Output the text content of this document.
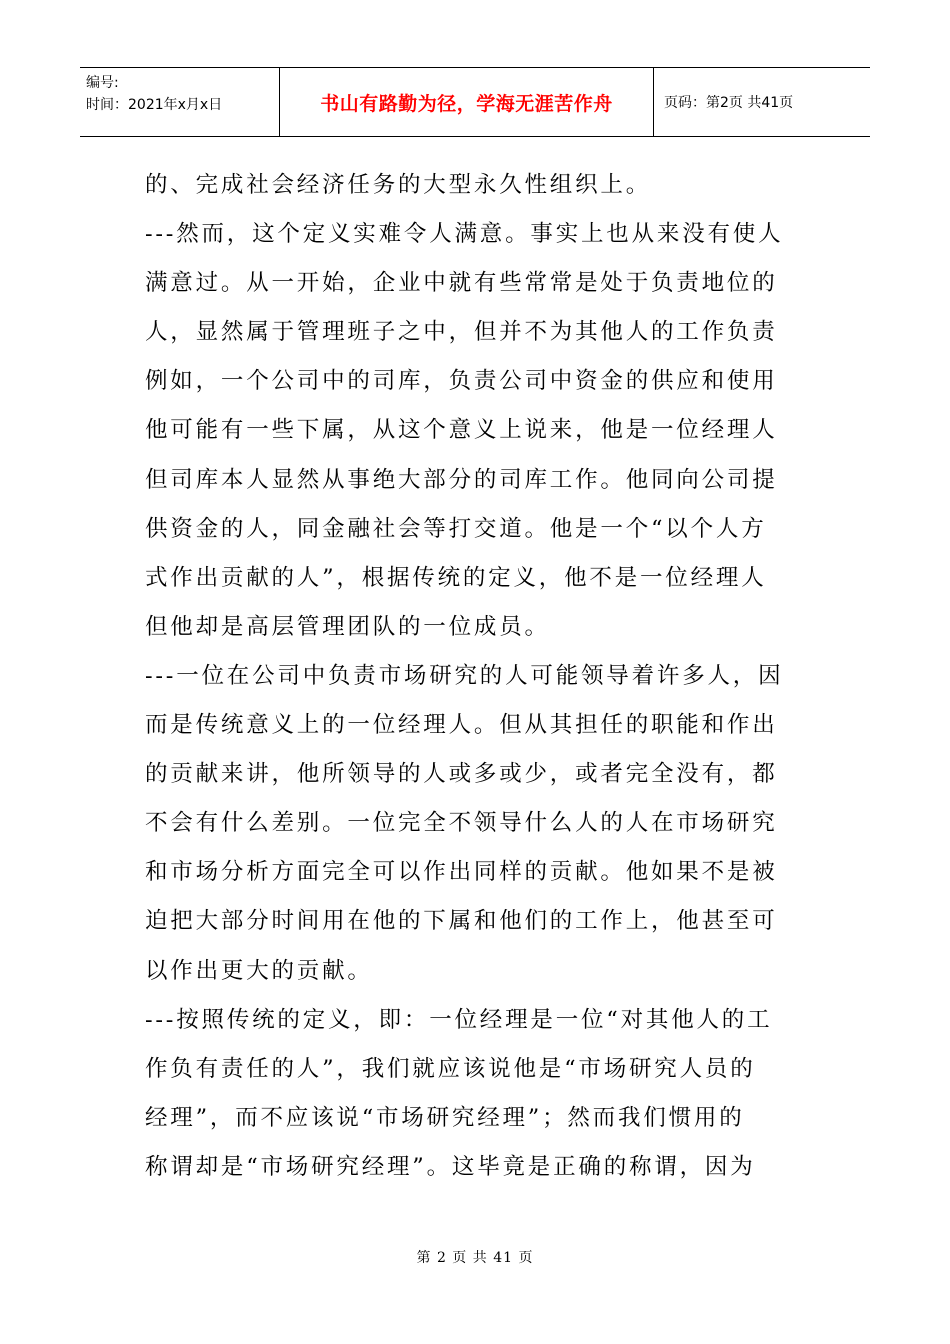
编号:
时间：2021年x月x日	书山有路勤为径，学海无涯苦作舟	页码：第2页 共41页
的、完成社会经济任务的大型永久性组织上。
---然而，这个定义实难令人满意。事实上也从来没有使人
满意过。从一开始，企业中就有些常常是处于负责地位的
人，显然属于管理班子之中，但并不为其他人的工作负责
例如，一个公司中的司库，负责公司中资金的供应和使用
他可能有一些下属，从这个意义上说来，他是一位经理人
但司库本人显然从事绝大部分的司库工作。他同向公司提
供资金的人，同金融社会等打交道。他是一个“以个人方
式作出贡献的人”，根据传统的定义，他不是一位经理人
但他却是高层管理团队的一位成员。
---一位在公司中负责市场研究的人可能领导着许多人，因
而是传统意义上的一位经理人。但从其担任的职能和作出
的贡献来讲，他所领导的人或多或少，或者完全没有，都
不会有什么差别。一位完全不领导什么人的人在市场研究
和市场分析方面完全可以作出同样的贡献。他如果不是被
迫把大部分时间用在他的下属和他们的工作上，他甚至可
以作出更大的贡献。
---按照传统的定义，即：一位经理是一位“对其他人的工
作负有责任的人”，我们就应该说他是“市场研究人员的
经理”，而不应该说“市场研究经理”；然而我们惯用的
称谓却是“市场研究经理”。这毕竟是正确的称谓，因为
第 2 页 共 41 页
